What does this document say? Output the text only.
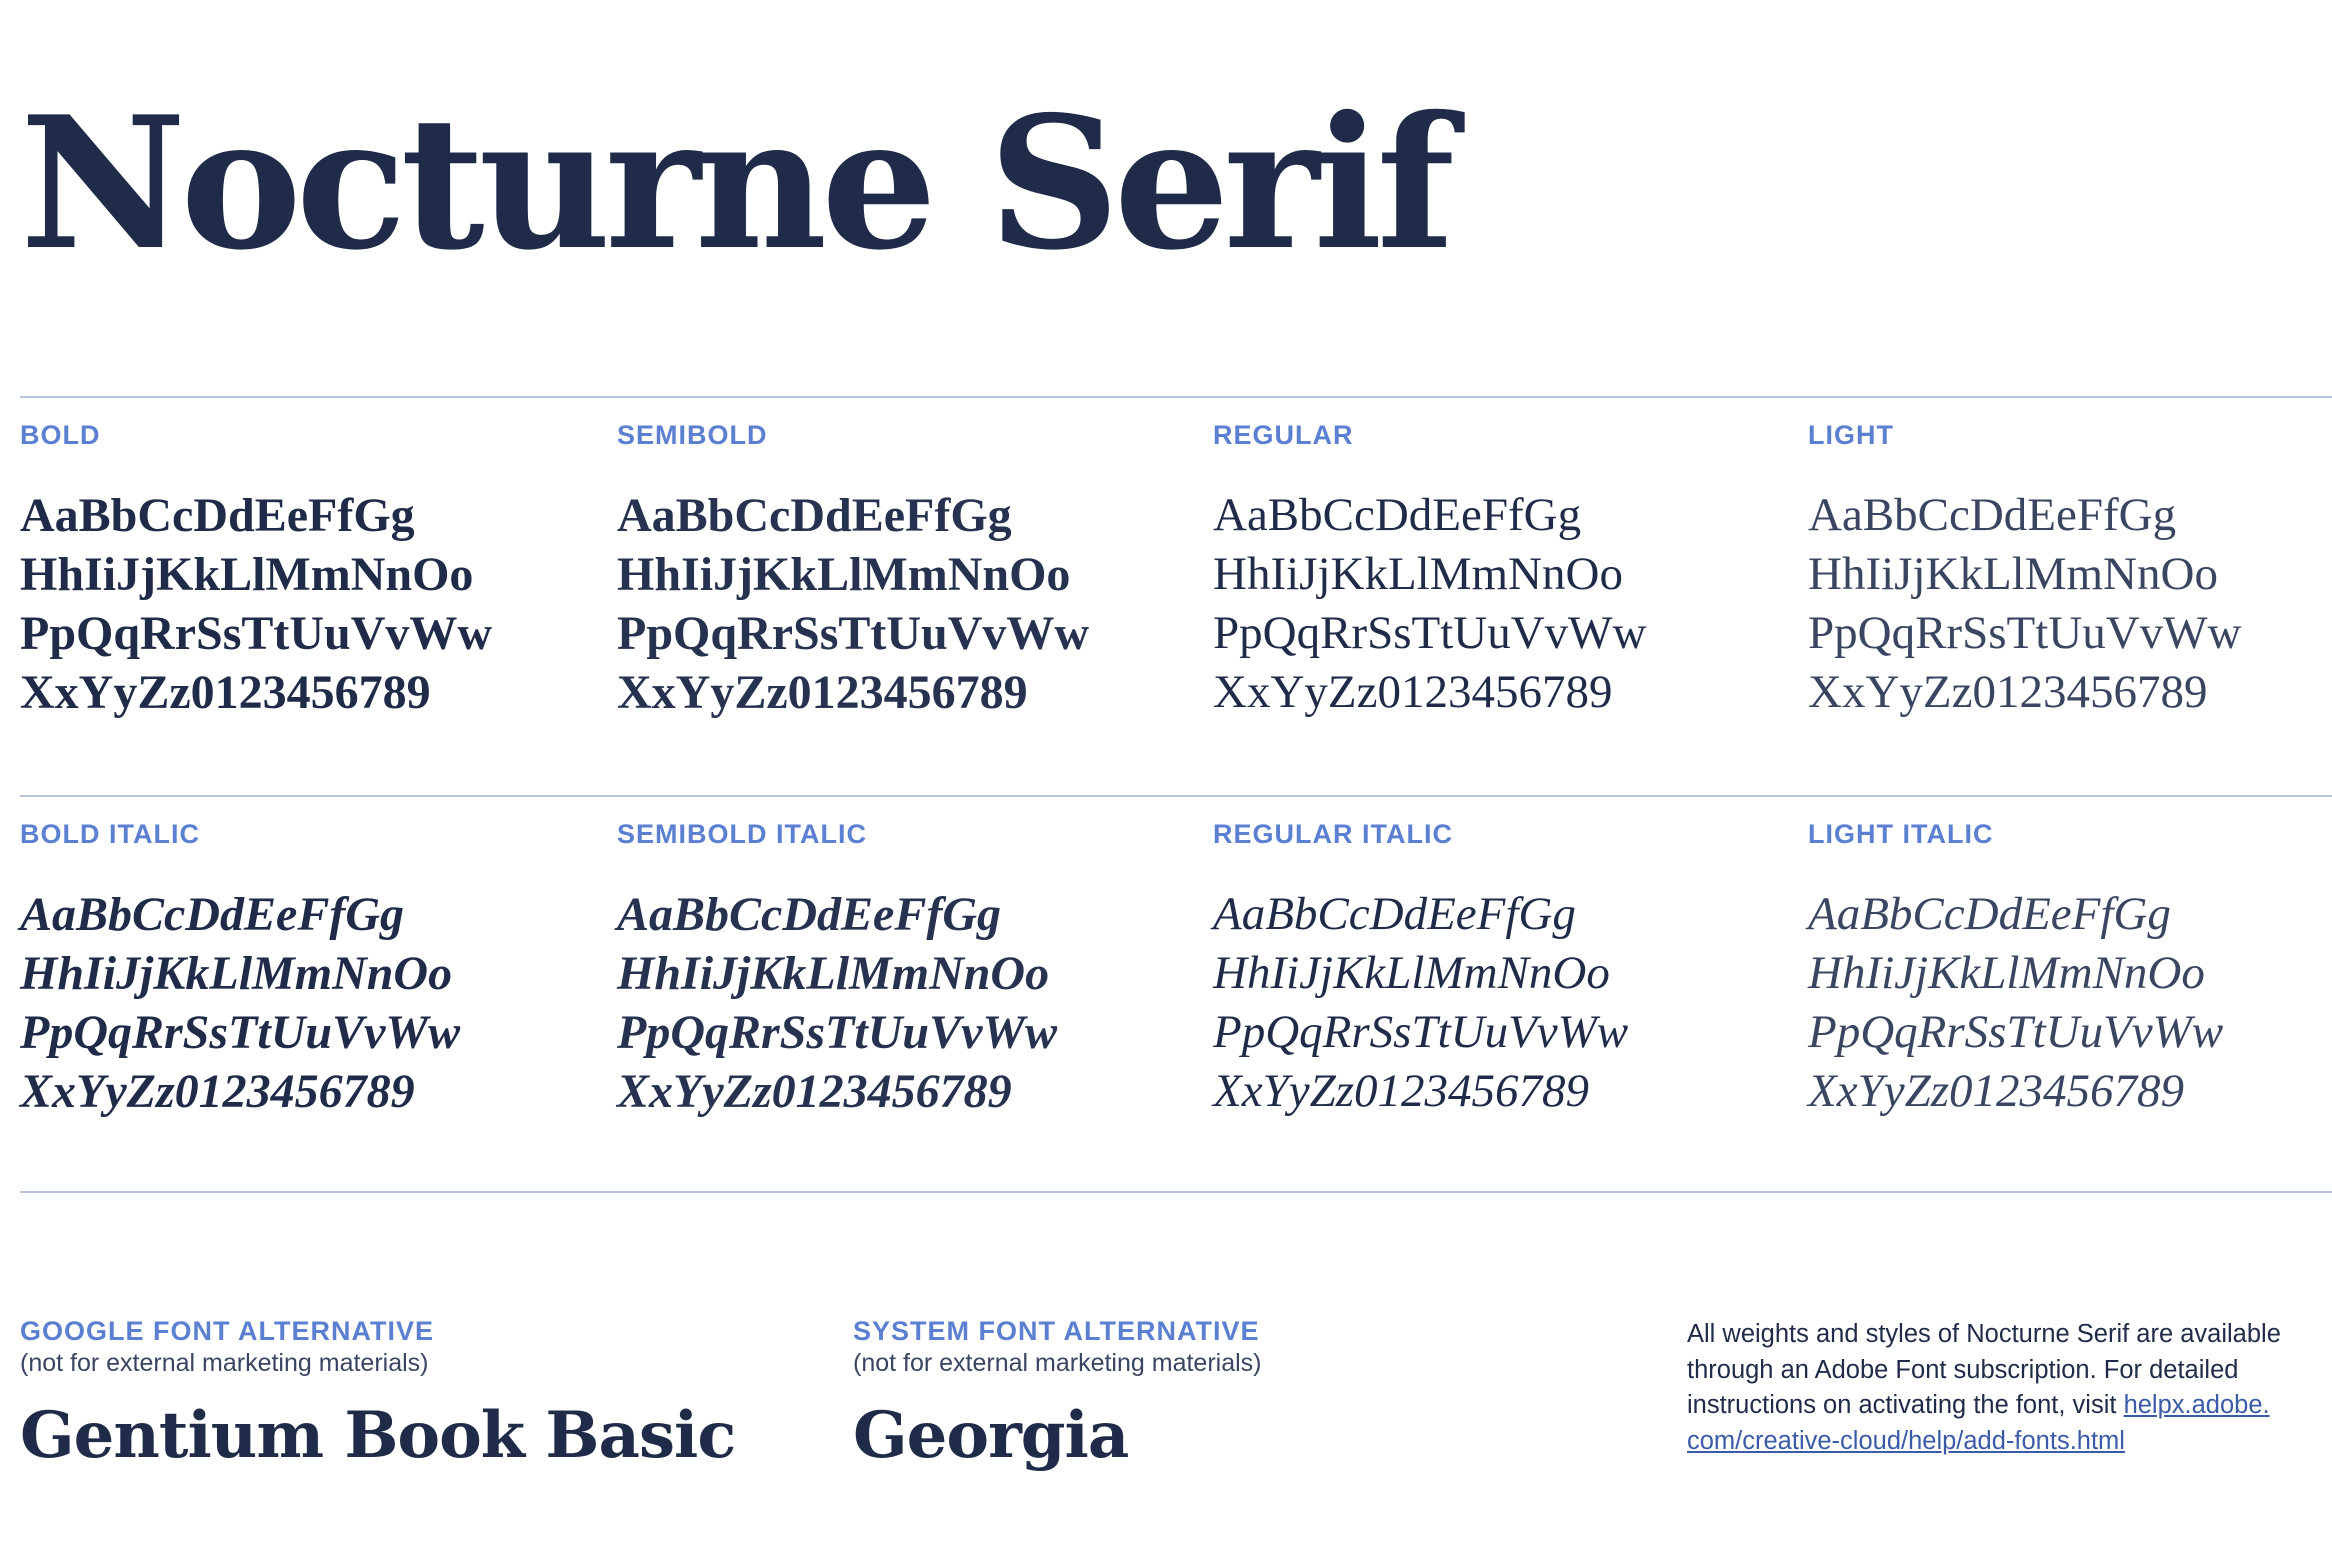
Nocturne Serif
BOLD
AaBbCcDdEeFfGg
HhIiJjKkLlMmNnOo
PpQqRrSsTtUuVvWw
XxYyZz0123456789
SEMIBOLD
AaBbCcDdEeFfGg
HhIiJjKkLlMmNnOo
PpQqRrSsTtUuVvWw
XxYyZz0123456789
REGULAR
AaBbCcDdEeFfGg
HhIiJjKkLlMmNnOo
PpQqRrSsTtUuVvWw
XxYyZz0123456789
LIGHT
AaBbCcDdEeFfGg
HhIiJjKkLlMmNnOo
PpQqRrSsTtUuVvWw
XxYyZz0123456789
BOLD ITALIC
AaBbCcDdEeFfGg
HhIiJjKkLlMmNnOo
PpQqRrSsTtUuVvWw
XxYyZz0123456789
SEMIBOLD ITALIC
AaBbCcDdEeFfGg
HhIiJjKkLlMmNnOo
PpQqRrSsTtUuVvWw
XxYyZz0123456789
REGULAR ITALIC
AaBbCcDdEeFfGg
HhIiJjKkLlMmNnOo
PpQqRrSsTtUuVvWw
XxYyZz0123456789
LIGHT ITALIC
AaBbCcDdEeFfGg
HhIiJjKkLlMmNnOo
PpQqRrSsTtUuVvWw
XxYyZz0123456789
GOOGLE FONT ALTERNATIVE
(not for external marketing materials)
Gentium Book Basic
SYSTEM FONT ALTERNATIVE
(not for external marketing materials)
Georgia
All weights and styles of Nocturne Serif are available
through an Adobe Font subscription. For detailed
instructions on activating the font, visit helpx.adobe.
com/creative-cloud/help/add-fonts.html
